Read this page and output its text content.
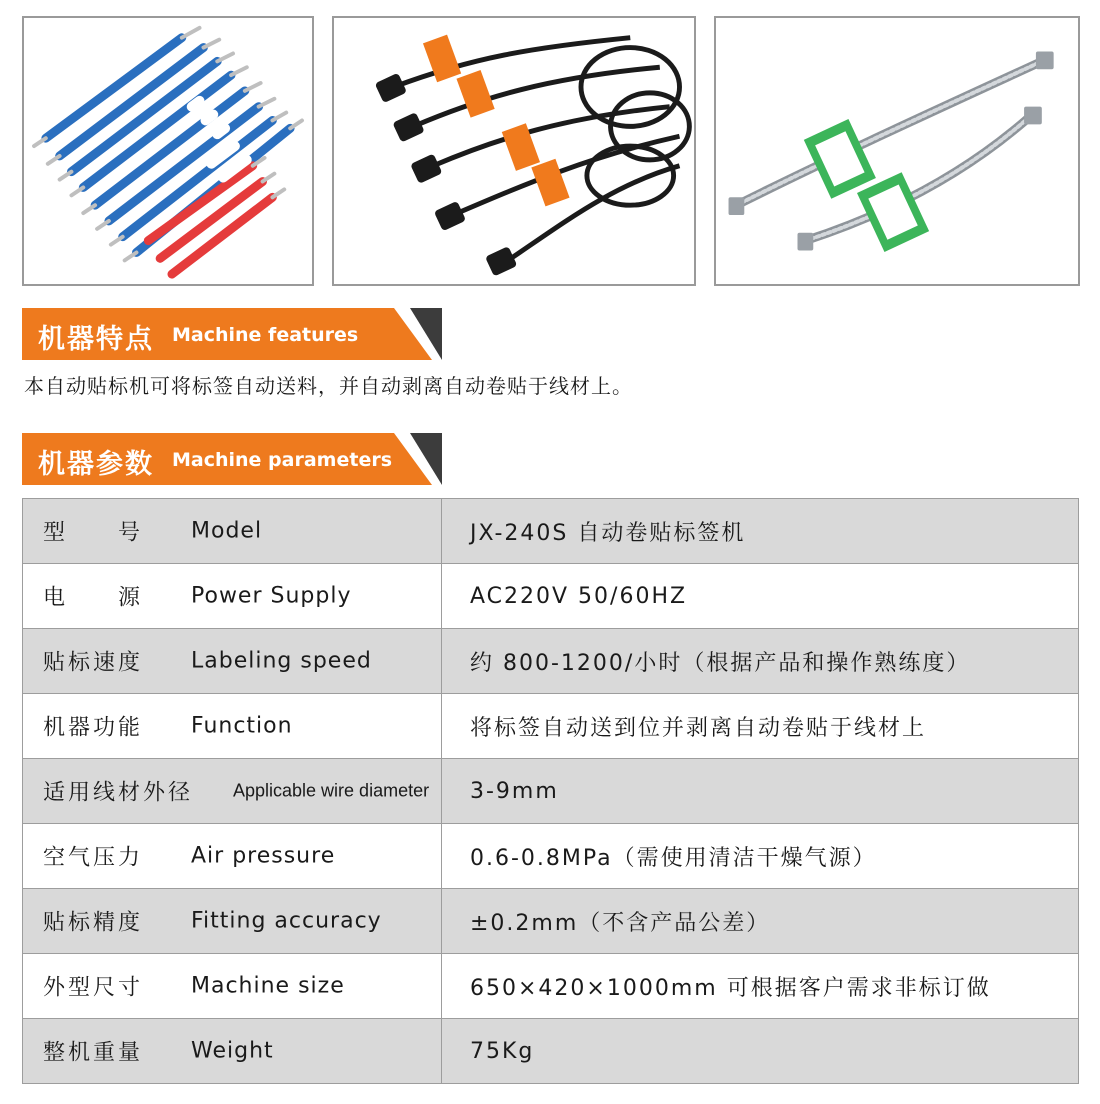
机器特点 Machine features
本自动贴标机可将标签自动送料，并自动剥离自动卷贴于线材上。
机器参数 Machine parameters
型　　号 Model	JX-240S 自动卷贴标签机

电　　源 Power Supply	AC220V 50/60HZ

贴标速度 Labeling speed	约 800-1200/小时（根据产品和操作熟练度）

机器功能 Function	将标签自动送到位并剥离自动卷贴于线材上

适用线材外径 Applicable wire diameter	3-9mm

空气压力 Air pressure	0.6-0.8MPa（需使用清洁干燥气源）

贴标精度 Fitting accuracy	±0.2mm（不含产品公差）

外型尺寸 Machine size	650×420×1000mm 可根据客户需求非标订做

整机重量 Weight	75Kg
